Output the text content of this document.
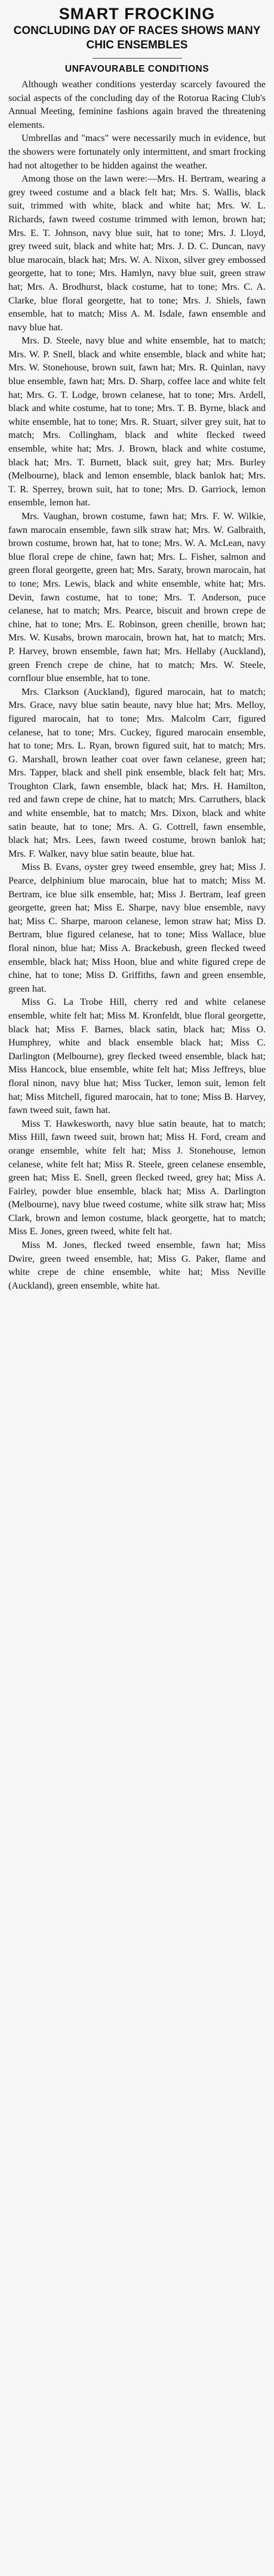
SMART FROCKING
CONCLUDING DAY OF RACES SHOWS MANY CHIC ENSEMBLES
UNFAVOURABLE CONDITIONS

Although weather conditions yesterday scarcely favoured the social aspects of the concluding day of the Rotorua Racing Club's Annual Meeting, feminine fashions again braved the threatening elements.

Umbrellas and "macs" were necessarily much in evidence, but the showers were fortunately only intermittent, and smart frocking had not altogether to be hidden against the weather.

Among those on the lawn were:—Mrs. H. Bertram, wearing a grey tweed costume and a black felt hat; Mrs. S. Wallis, black suit, trimmed with white, black and white hat; Mrs. W. L. Richards, fawn tweed costume trimmed with lemon, brown hat; Mrs. E. T. Johnson, navy blue suit, hat to tone; Mrs. J. Lloyd, grey tweed suit, black and white hat; Mrs. J. D. C. Duncan, navy blue marocain, black hat; Mrs. W. A. Nixon, silver grey embossed georgette, hat to tone; Mrs. Hamlyn, navy blue suit, green straw hat; Mrs. A. Brodhurst, black costume, hat to tone; Mrs. C. A. Clarke, blue floral georgette, hat to tone; Mrs. J. Shiels, fawn ensemble, hat to match; Miss A. M. Isdale, fawn ensemble and navy blue hat.

Mrs. D. Steele, navy blue and white ensemble, hat to match; Mrs. W. P. Snell, black and white ensemble, black and white hat; Mrs. W. Stonehouse, brown suit, fawn hat; Mrs. R. Quinlan, navy blue ensemble, fawn hat; Mrs. D. Sharp, coffee lace and white felt hat; Mrs. G. T. Lodge, brown celanese, hat to tone; Mrs. Ardell, black and white costume, hat to tone; Mrs. T. B. Byrne, black and white ensemble, hat to tone; Mrs. R. Stuart, silver grey suit, hat to match; Mrs. Collingham, black and white flecked tweed ensemble, white hat; Mrs. J. Brown, black and white costume, black hat; Mrs. T. Burnett, black suit, grey hat; Mrs. Burley (Melbourne), black and lemon ensemble, black banlok hat; Mrs. T. R. Sperrey, brown suit, hat to tone; Mrs. D. Garriock, lemon ensemble, lemon hat.

Mrs. Vaughan, brown costume, fawn hat; Mrs. F. W. Wilkie, fawn marocain ensemble, fawn silk straw hat; Mrs. W. Galbraith, brown costume, brown hat, hat to tone; Mrs. W. A. McLean, navy blue floral crepe de chine, fawn hat; Mrs. L. Fisher, salmon and green floral georgette, green hat; Mrs. Saraty, brown marocain, hat to tone; Mrs. Lewis, black and white ensemble, white hat; Mrs. Devin, fawn costume, hat to tone; Mrs. T. Anderson, puce celanese, hat to match; Mrs. Pearce, biscuit and brown crepe de chine, hat to tone; Mrs. E. Robinson, green chenille, brown hat; Mrs. W. Kusabs, brown marocain, brown hat, hat to match; Mrs. P. Harvey, brown ensemble, fawn hat; Mrs. Hellaby (Auckland), green French crepe de chine, hat to match; Mrs. W. Steele, cornflour blue ensemble, hat to tone.

Mrs. Clarkson (Auckland), figured marocain, hat to match; Mrs. Grace, navy blue satin beaute, navy blue hat; Mrs. Melloy, figured marocain, hat to tone; Mrs. Malcolm Carr, figured celanese, hat to tone; Mrs. Cuckey, figured marocain ensemble, hat to tone; Mrs. L. Ryan, brown figured suit, hat to match; Mrs. G. Marshall, brown leather coat over fawn celanese, green hat; Mrs. Tapper, black and shell pink ensemble, black felt hat; Mrs. Troughton Clark, fawn ensemble, black hat; Mrs. H. Hamilton, red and fawn crepe de chine, hat to match; Mrs. Carruthers, black and white ensemble, hat to match; Mrs. Dixon, black and white satin beaute, hat to tone; Mrs. A. G. Cottrell, fawn ensemble, black hat; Mrs. Lees, fawn tweed costume, brown banlok hat; Mrs. F. Walker, navy blue satin beaute, blue hat.

Miss B. Evans, oyster grey tweed ensemble, grey hat; Miss J. Pearce, delphinium blue marocain, blue hat to match; Miss M. Bertram, ice blue silk ensemble, hat; Miss J. Bertram, leaf green georgette, green hat; Miss E. Sharpe, navy blue ensemble, navy hat; Miss C. Sharpe, maroon celanese, lemon straw hat; Miss D. Bertram, blue figured celanese, hat to tone; Miss Wallace, blue floral ninon, blue hat; Miss A. Brackebush, green flecked tweed ensemble, black hat; Miss Hoon, blue and white figured crepe de chine, hat to tone; Miss D. Griffiths, fawn and green ensemble, green hat.

Miss G. La Trobe Hill, cherry red and white celanese ensemble, white felt hat; Miss M. Kronfeldt, blue floral georgette, black hat; Miss F. Barnes, black satin, black hat; Miss O. Humphrey, white and black ensemble black hat; Miss C. Darlington (Melbourne), grey flecked tweed ensemble, black hat; Miss Hancock, blue ensemble, white felt hat; Miss Jeffreys, blue floral ninon, navy blue hat; Miss Tucker, lemon suit, lemon felt hat; Miss Mitchell, figured marocain, hat to tone; Miss B. Harvey, fawn tweed suit, fawn hat.

Miss T. Hawkesworth, navy blue satin beaute, hat to match; Miss Hill, fawn tweed suit, brown hat; Miss H. Ford, cream and orange ensemble, white felt hat; Miss J. Stonehouse, lemon celanese, white felt hat; Miss R. Steele, green celanese ensemble, green hat; Miss E. Snell, green flecked tweed, grey hat; Miss A. Fairley, powder blue ensemble, black hat; Miss A. Darlington (Melbourne), navy blue tweed costume, white silk straw hat; Miss Clark, brown and lemon costume, black georgette, hat to match; Miss E. Jones, green tweed, white felt hat.

Miss M. Jones, flecked tweed ensemble, fawn hat; Miss Dwire, green tweed ensemble, hat; Miss G. Paker, flame and white crepe de chine ensemble, white hat; Miss Neville (Auckland), green ensemble, white hat.
